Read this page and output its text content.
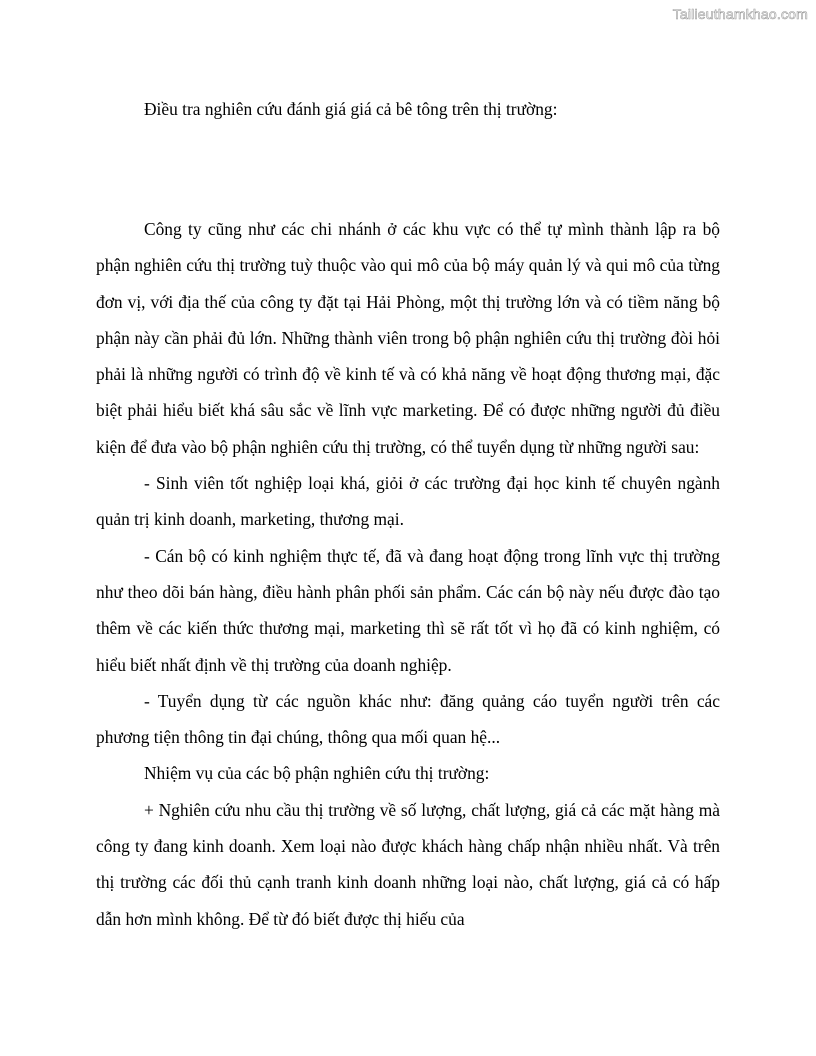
Tailieuthamkhao.com

Điều tra nghiên cứu đánh giá giá cả bê tông trên thị trường:

Công ty cũng như các chi nhánh ở các khu vực có thể tự mình thành lập ra bộ phận nghiên cứu thị trường tuỳ thuộc vào qui mô của bộ máy quản lý và qui mô của từng đơn vị, với địa thế của công ty đặt tại Hải Phòng, một thị trường lớn và có tiềm năng bộ phận này cần phải đủ lớn. Những thành viên trong bộ phận nghiên cứu thị trường đòi hỏi phải là những người có trình độ về kinh tế và có khả năng về hoạt động thương mại, đặc biệt phải hiểu biết khá sâu sắc về lĩnh vực marketing. Để có được những người đủ điều kiện để đưa vào bộ phận nghiên cứu thị trường, có thể tuyển dụng từ những người sau:

- Sinh viên tốt nghiệp loại khá, giỏi ở các trường đại học kinh tế chuyên ngành quản trị kinh doanh, marketing, thương mại.

- Cán bộ có kinh nghiệm thực tế, đã và đang hoạt động trong lĩnh vực thị trường như theo dõi bán hàng, điều hành phân phối sản phẩm. Các cán bộ này nếu được đào tạo thêm về các kiến thức thương mại, marketing thì sẽ rất tốt vì họ đã có kinh nghiệm, có hiểu biết nhất định về thị trường của doanh nghiệp.

- Tuyển dụng từ các nguồn khác như: đăng quảng cáo tuyển người trên các phương tiện thông tin đại chúng, thông qua mối quan hệ...

Nhiệm vụ của các bộ phận nghiên cứu thị trường:

+ Nghiên cứu nhu cầu thị trường về số lượng, chất lượng, giá cả các mặt hàng mà công ty đang kinh doanh. Xem loại nào được khách hàng chấp nhận nhiều nhất. Và trên thị trường các đối thủ cạnh tranh kinh doanh những loại nào, chất lượng, giá cả có hấp dẫn hơn mình không. Để từ đó biết được thị hiếu của
